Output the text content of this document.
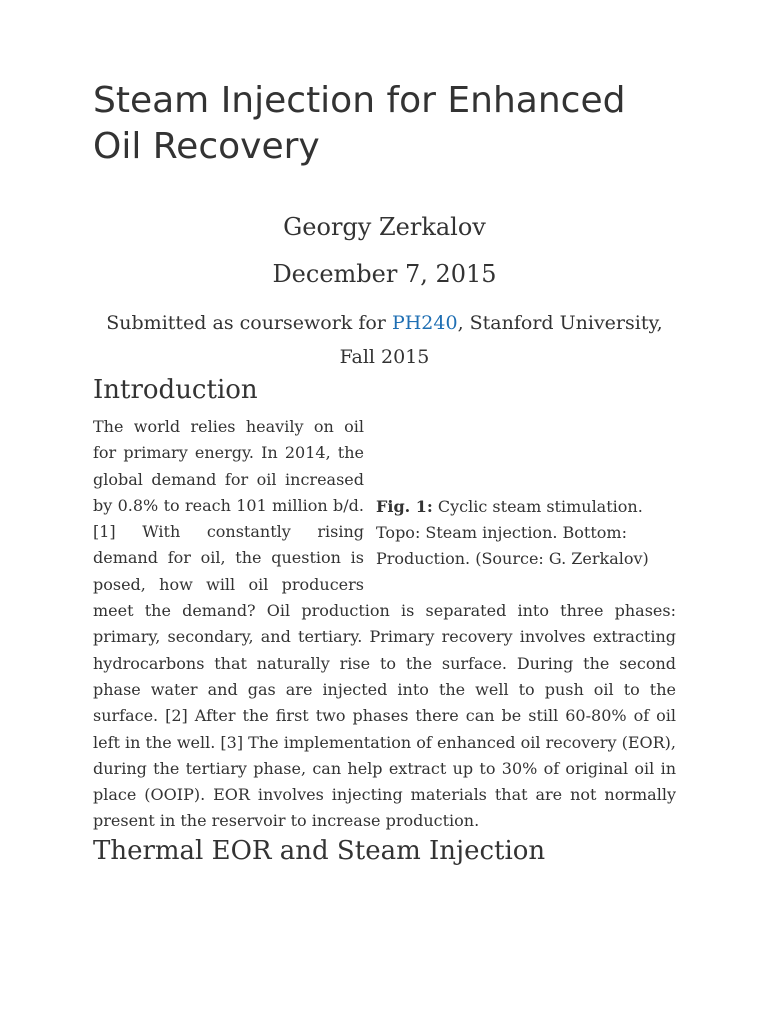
Steam Injection for Enhanced Oil Recovery
Georgy Zerkalov
December 7, 2015
Submitted as coursework for PH240, Stanford University, Fall 2015
Introduction
Fig. 1: Cyclic steam stimulation. Topo: Steam injection. Bottom: Production. (Source: G. Zerkalov)

The world relies heavily on oil for primary energy. In 2014, the global demand for oil increased by 0.8% to reach 101 million b/d. [1] With constantly rising demand for oil, the question is posed, how will oil producers meet the demand? Oil production is separated into three phases: primary, secondary, and tertiary. Primary recovery involves extracting hydrocarbons that naturally rise to the surface. During the second phase water and gas are injected into the well to push oil to the surface. [2] After the first two phases there can be still 60-80% of oil left in the well. [3] The implementation of enhanced oil recovery (EOR), during the tertiary phase, can help extract up to 30% of original oil in place (OOIP). EOR involves injecting materials that are not normally present in the reservoir to increase production.

Thermal EOR and Steam Injection
